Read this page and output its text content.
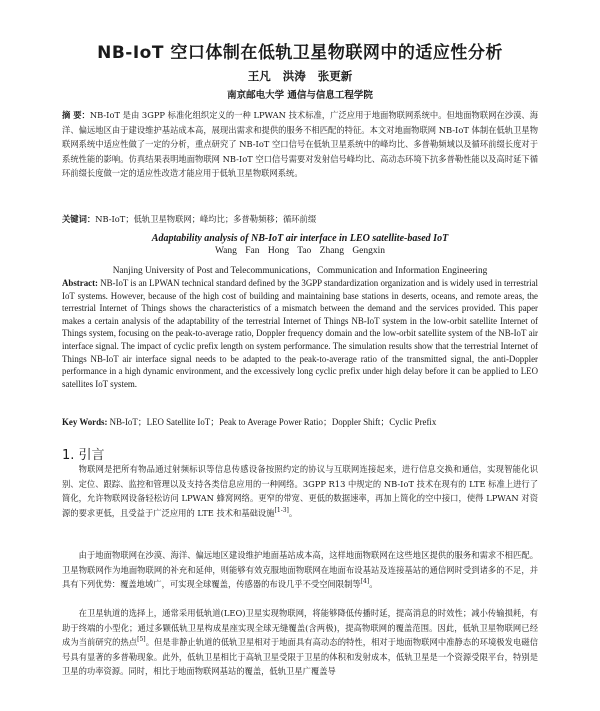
NB-IoT 空口体制在低轨卫星物联网中的适应性分析
王凡 洪涛 张更新
南京邮电大学 通信与信息工程学院

摘 要：NB-IoT 是由 3GPP 标准化组织定义的一种 LPWAN 技术标准，广泛应用于地面物联网系统中。但地面物联网在沙漠、海洋、偏远地区由于建设维护基站成本高，展现出需求和提供的服务不相匹配的特征。本文对地面物联网 NB-IoT 体制在低轨卫星物联网系统中适应性做了一定的分析，重点研究了 NB-IoT 空口信号在低轨卫星系统中的峰均比、多普勒频域以及循环前缀长度对于系统性能的影响。仿真结果表明地面物联网 NB-IoT 空口信号需要对发射信号峰均比、高动态环境下抗多普勒性能以及高时延下循环前缀长度做一定的适应性改造才能应用于低轨卫星物联网系统。

关键词：NB-IoT；低轨卫星物联网；峰均比；多普勒频移；循环前缀

Adaptability analysis of NB-IoT air interface in LEO satellite-based IoT
Wang Fan Hong Tao Zhang Gengxin
Nanjing University of Post and Telecommunications，Communication and Information Engineering

Abstract: NB-IoT is an LPWAN technical standard defined by the 3GPP standardization organization and is widely used in terrestrial IoT systems. However, because of the high cost of building and maintaining base stations in deserts, oceans, and remote areas, the terrestrial Internet of Things shows the characteristics of a mismatch between the demand and the services provided. This paper makes a certain analysis of the adaptability of the terrestrial Internet of Things NB-IoT system in the low-orbit satellite Internet of Things system, focusing on the peak-to-average ratio, Doppler frequency domain and the low-orbit satellite system of the NB-IoT air interface signal. The impact of cyclic prefix length on system performance. The simulation results show that the terrestrial Internet of Things NB-IoT air interface signal needs to be adapted to the peak-to-average ratio of the transmitted signal, the anti-Doppler performance in a high dynamic environment, and the excessively long cyclic prefix under high delay before it can be applied to LEO satellites IoT system.

Key Words: NB-IoT；LEO Satellite IoT；Peak to Average Power Ratio；Doppler Shift；Cyclic Prefix

1. 引言

物联网是把所有物品通过射频标识等信息传感设备按照约定的协议与互联网连接起来，进行信息交换和通信，实现智能化识别、定位、跟踪、监控和管理以及支持各类信息应用的一种网络。3GPP R13 中规定的 NB-IoT 技术在现有的 LTE 标准上进行了简化，允许物联网设备轻松访问 LPWAN 蜂窝网络。更窄的带宽、更低的数据速率，再加上简化的空中接口，使得 LPWAN 对资源的要求更低，且受益于广泛应用的 LTE 技术和基础设施[1-3]。

由于地面物联网在沙漠、海洋、偏远地区建设维护地面基站成本高，这样地面物联网在这些地区提供的服务和需求不相匹配。卫星物联网作为地面物联网的补充和延伸，则能够有效克服地面物联网在地面布设基站及连接基站的通信网时受到诸多的不足，并具有下列优势：覆盖地域广，可实现全球覆盖，传感器的布设几乎不受空间限制等[4]。

在卫星轨道的选择上，通常采用低轨道(LEO)卫星实现物联网，将能够降低传播时延，提高消息的时效性；减小传输损耗，有助于终端的小型化；通过多颗低轨卫星构成星座实现全球无缝覆盖(含两极)，提高物联网的覆盖范围。因此，低轨卫星物联网已经成为当前研究的热点[5]。但是非静止轨道的低轨卫星相对于地面具有高动态的特性，相对于地面物联网中准静态的环境极发电磁信号具有显著的多普勒现象。此外，低轨卫星相比于高轨卫星受限于卫星的体积和发射成本，低轨卫星是一个资源受限平台，特别是卫星的功率资源。同时，相比于地面物联网基站的覆盖，低轨卫星广覆盖导
